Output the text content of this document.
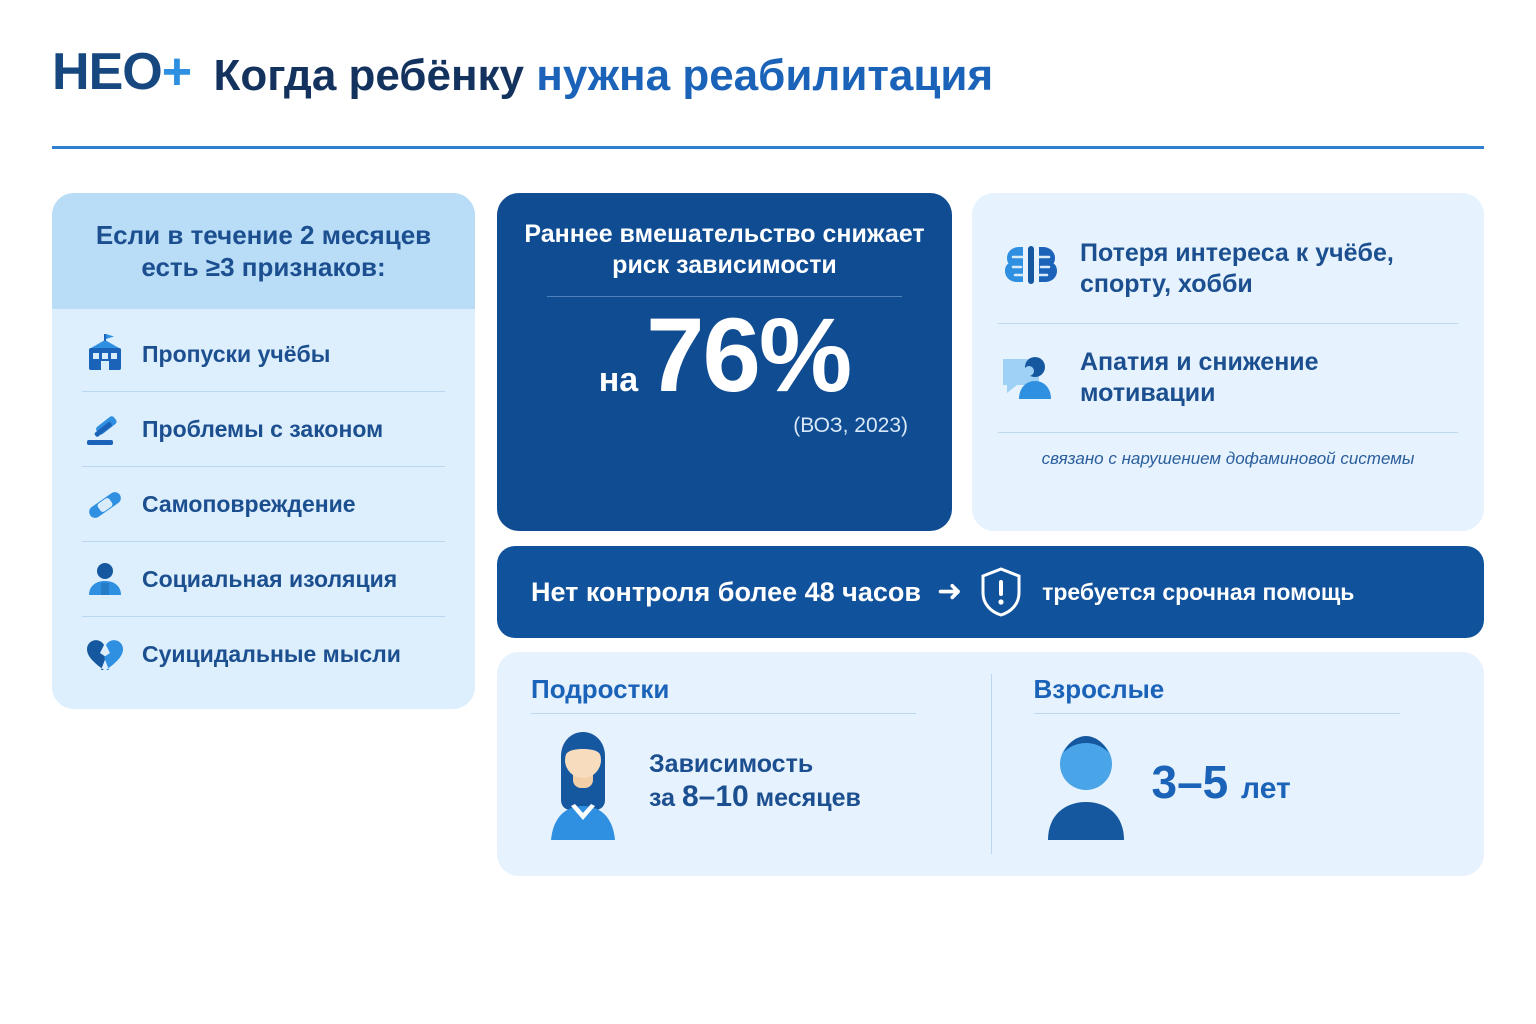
HEO+ Когда ребёнку нужна реабилитация
Если в течение 2 месяцев есть ≥3 признаков:
Пропуски учёбы
Проблемы с законом
Самоповреждение
Социальная изоляция
Суицидальные мысли
Раннее вмешательство снижает риск зависимости
на 76%
(ВОЗ, 2023)
Потеря интереса к учёбе, спорту, хобби
Апатия и снижение мотивации
связано с нарушением дофаминовой системы
Нет контроля более 48 часов ➜	требуется срочная помощь
Подростки
Зависимость
за 8–10 месяцев
Взрослые
3–5 лет
